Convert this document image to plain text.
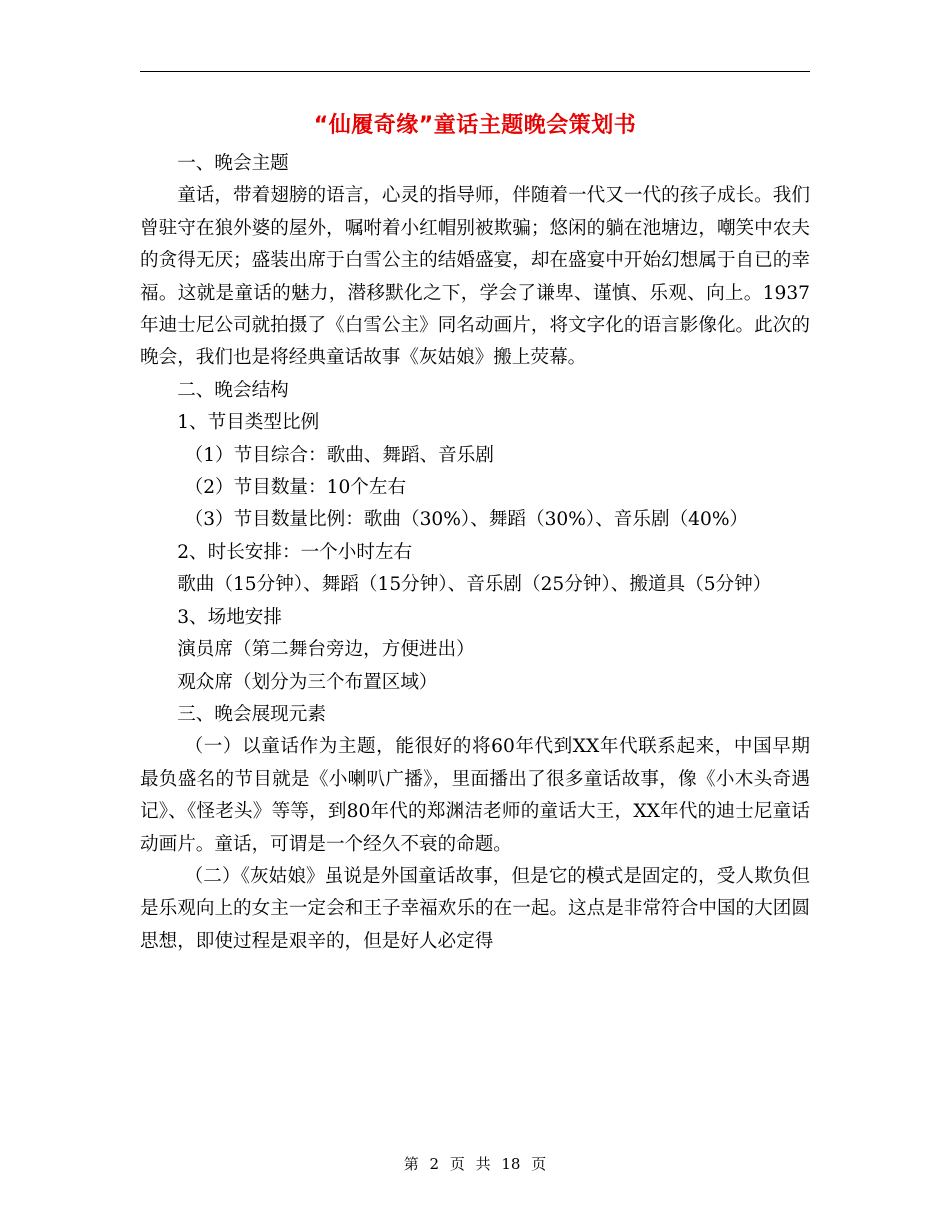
“仙履奇缘”童话主题晚会策划书

一、晚会主题

童话，带着翅膀的语言，心灵的指导师，伴随着一代又一代的孩子成长。我们曾驻守在狼外婆的屋外，嘱咐着小红帽别被欺骗；悠闲的躺在池塘边，嘲笑中农夫的贪得无厌；盛装出席于白雪公主的结婚盛宴，却在盛宴中开始幻想属于自已的幸福。这就是童话的魅力，潜移默化之下，学会了谦卑、谨慎、乐观、向上。1937年迪士尼公司就拍摄了《白雪公主》同名动画片，将文字化的语言影像化。此次的晚会，我们也是将经典童话故事《灰姑娘》搬上荧幕。

二、晚会结构

1、节目类型比例

（1）节目综合：歌曲、舞蹈、音乐剧

（2）节目数量：10个左右

（3）节目数量比例：歌曲（30%）、舞蹈（30%）、音乐剧（40%）

2、时长安排：一个小时左右

歌曲（15分钟）、舞蹈（15分钟）、音乐剧（25分钟）、搬道具（5分钟）

3、场地安排

演员席（第二舞台旁边，方便进出）

观众席（划分为三个布置区域）

三、晚会展现元素

（一）以童话作为主题，能很好的将60年代到XX年代联系起来，中国早期最负盛名的节目就是《小喇叭广播》，里面播出了很多童话故事，像《小木头奇遇记》、《怪老头》等等，到80年代的郑渊洁老师的童话大王，XX年代的迪士尼童话动画片。童话，可谓是一个经久不衰的命题。

（二）《灰姑娘》虽说是外国童话故事，但是它的模式是固定的，受人欺负但是乐观向上的女主一定会和王子幸福欢乐的在一起。这点是非常符合中国的大团圆思想，即使过程是艰辛的，但是好人必定得

第 2 页 共 18 页
